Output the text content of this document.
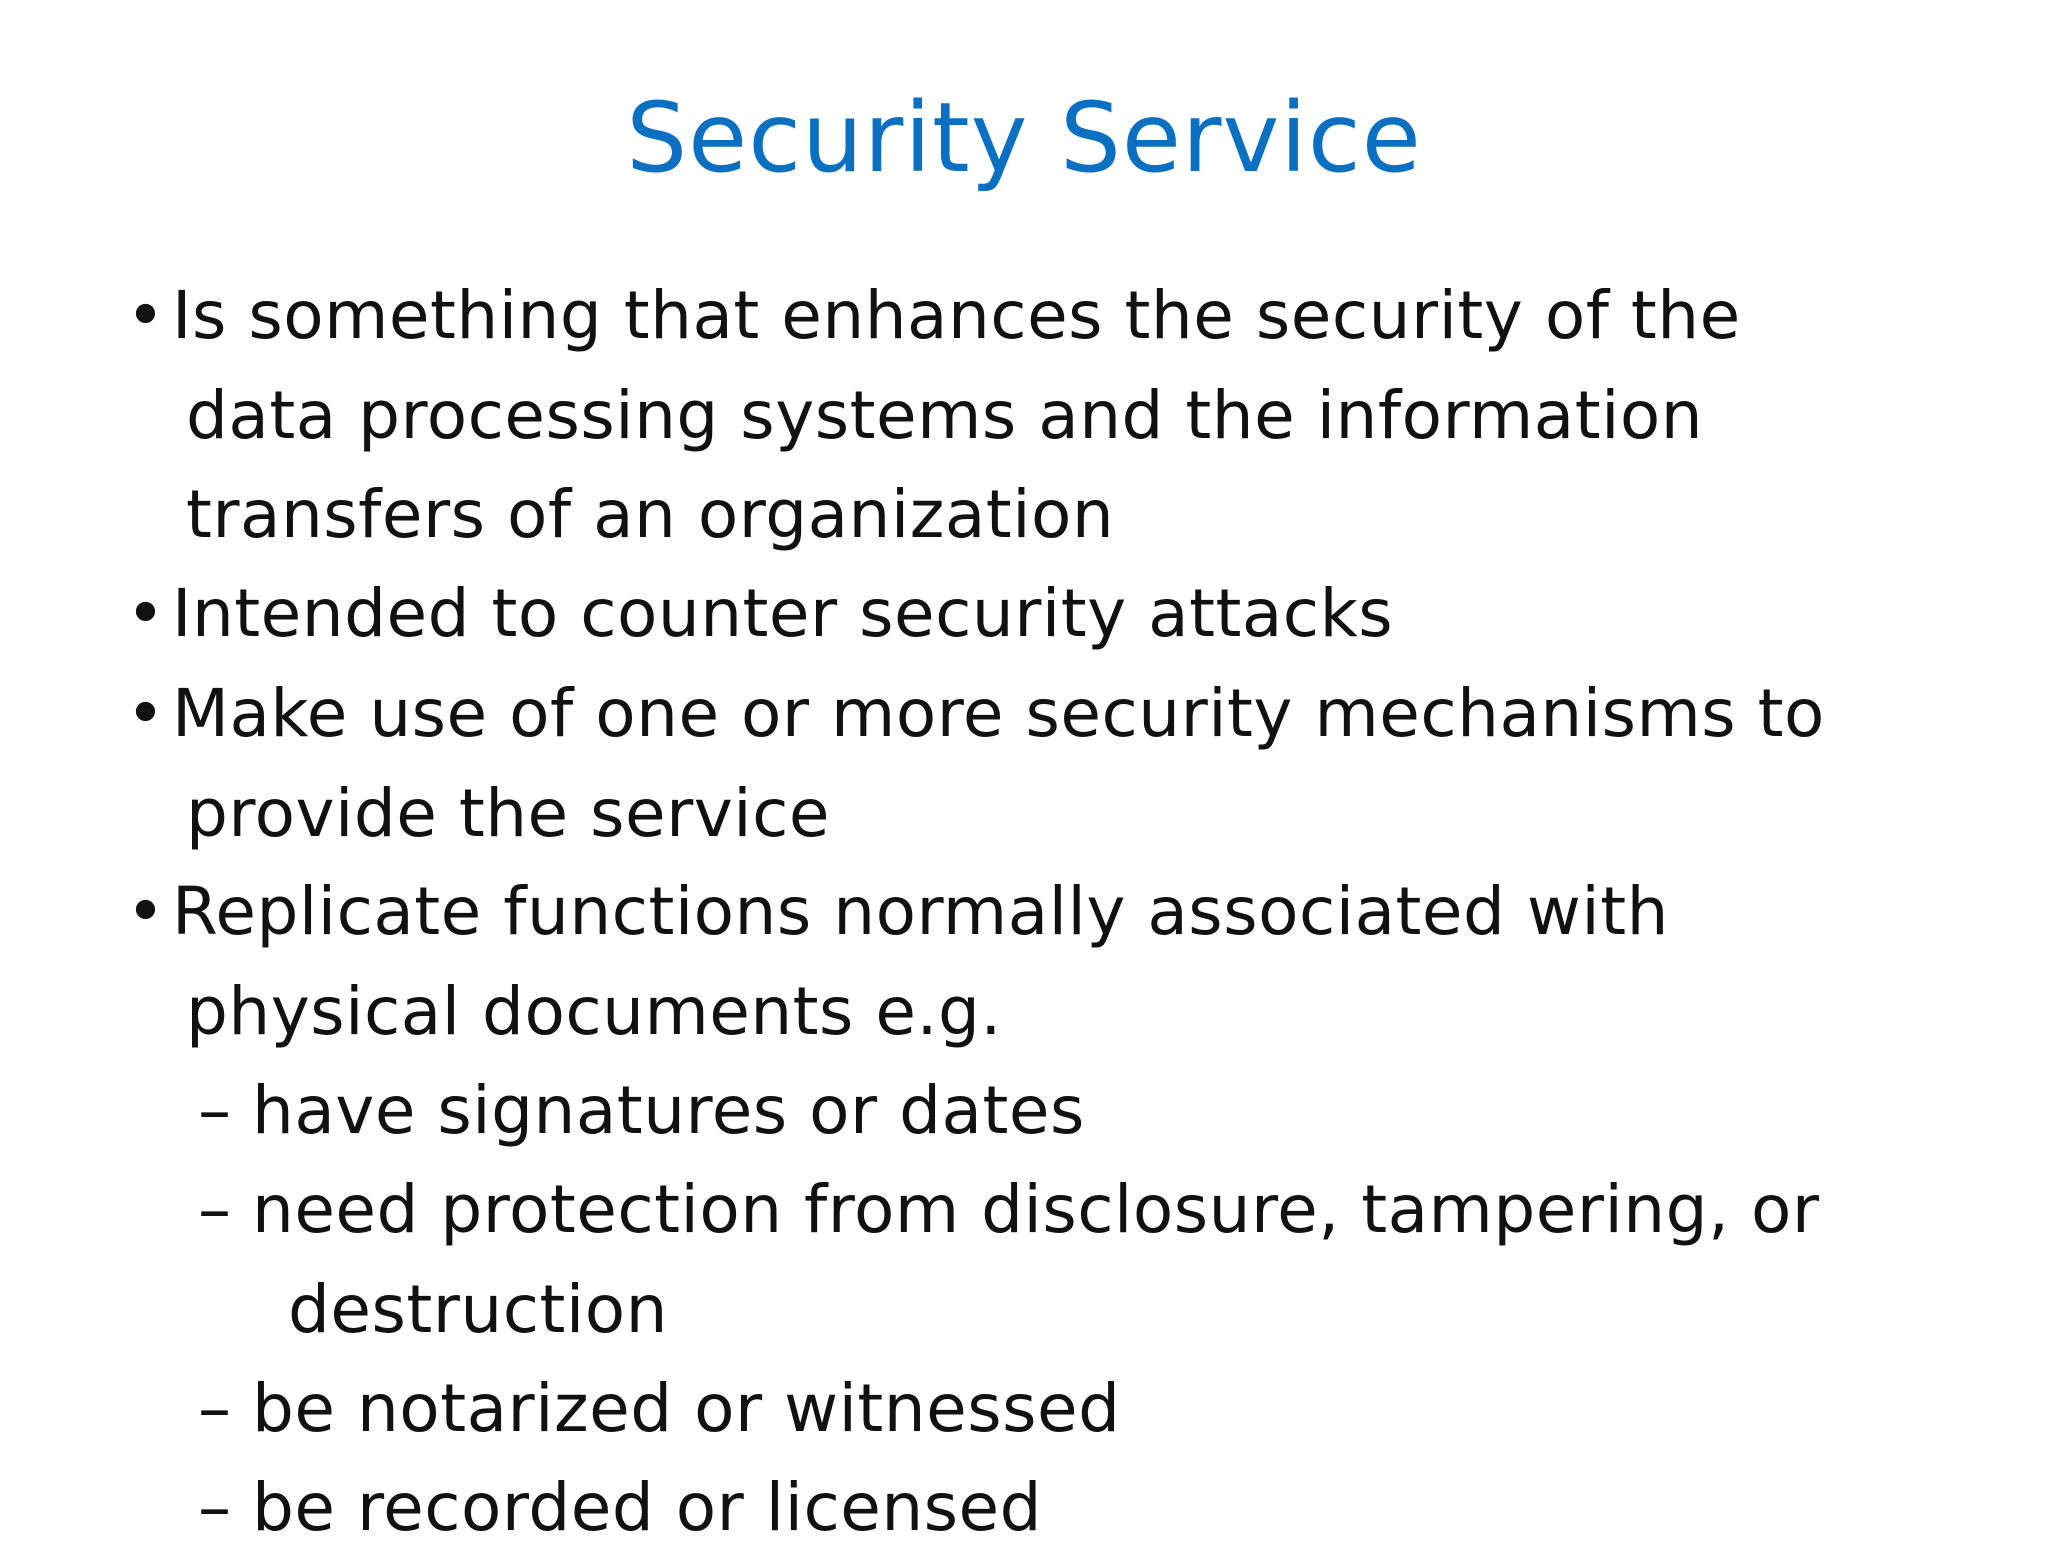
Security Service
• Is something that enhances the security of the
data processing systems and the information
transfers of an organization
• Intended to counter security attacks
• Make use of one or more security mechanisms to
provide the service
• Replicate functions normally associated with
physical documents e.g.
– have signatures or dates
– need protection from disclosure, tampering, or
destruction
– be notarized or witnessed
– be recorded or licensed
